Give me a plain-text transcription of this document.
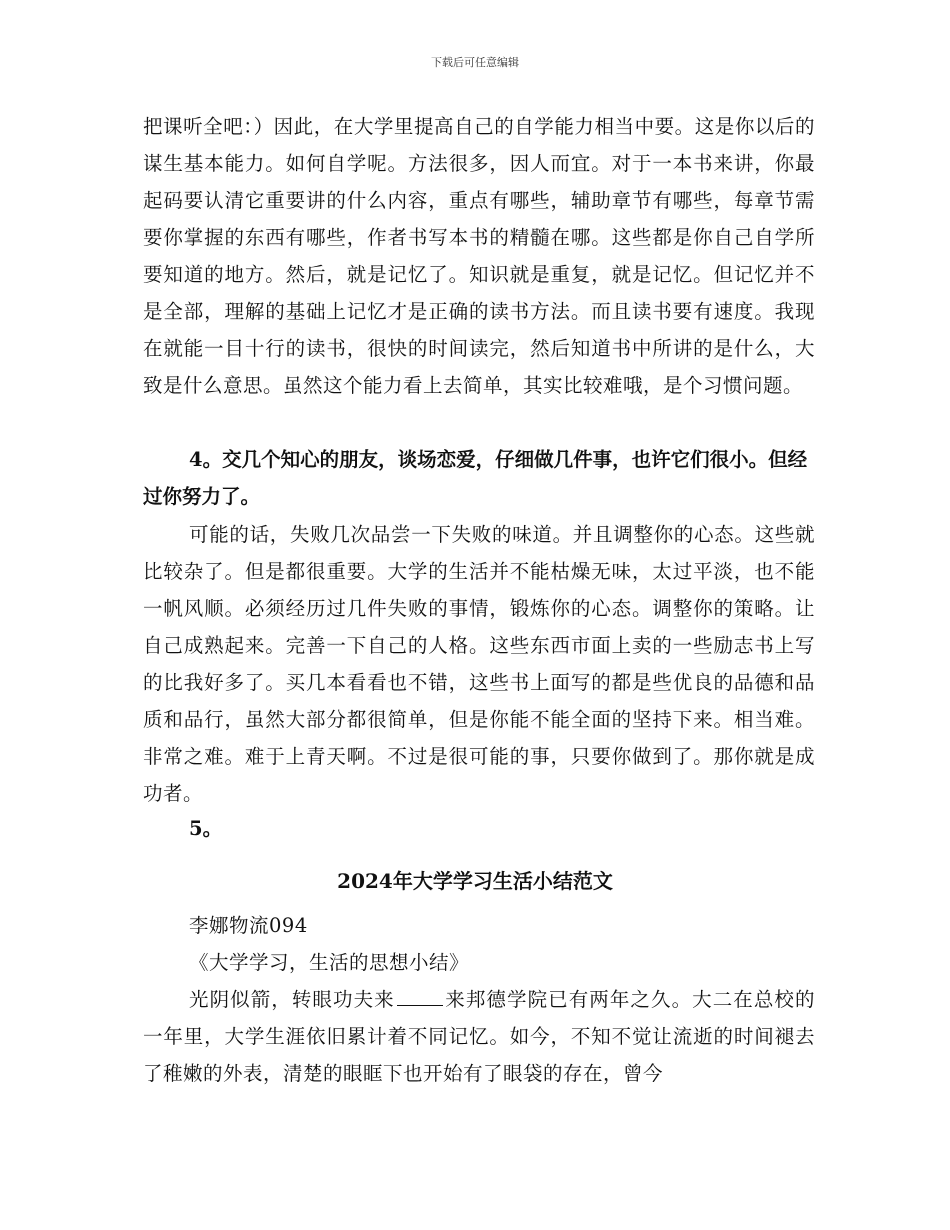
下载后可任意编辑
把课听全吧：）因此，在大学里提高自己的自学能力相当中要。这是你以后的谋生基本能力。如何自学呢。方法很多，因人而宜。对于一本书来讲，你最起码要认清它重要讲的什么内容，重点有哪些，辅助章节有哪些，每章节需要你掌握的东西有哪些，作者书写本书的精髓在哪。这些都是你自己自学所要知道的地方。然后，就是记忆了。知识就是重复，就是记忆。但记忆并不是全部，理解的基础上记忆才是正确的读书方法。而且读书要有速度。我现在就能一目十行的读书，很快的时间读完，然后知道书中所讲的是什么，大致是什么意思。虽然这个能力看上去简单，其实比较难哦，是个习惯问题。
4。交几个知心的朋友，谈场恋爱，仔细做几件事，也许它们很小。但经过你努力了。
可能的话，失败几次品尝一下失败的味道。并且调整你的心态。这些就比较杂了。但是都很重要。大学的生活并不能枯燥无味，太过平淡，也不能一帆风顺。必须经历过几件失败的事情，锻炼你的心态。调整你的策略。让自己成熟起来。完善一下自己的人格。这些东西市面上卖的一些励志书上写的比我好多了。买几本看看也不错，这些书上面写的都是些优良的品德和品质和品行，虽然大部分都很简单，但是你能不能全面的坚持下来。相当难。非常之难。难于上青天啊。不过是很可能的事，只要你做到了。那你就是成功者。
5。
2024年大学学习生活小结范文
李娜物流094
《大学学习，生活的思想小结》
光阴似箭，转眼功夫来	来邦德学院已有两年之久。大二在总校的一年里，大学生涯依旧累计着不同记忆。如今，不知不觉让流逝的时间褪去了稚嫩的外表，清楚的眼眶下也开始有了眼袋的存在，曾今
